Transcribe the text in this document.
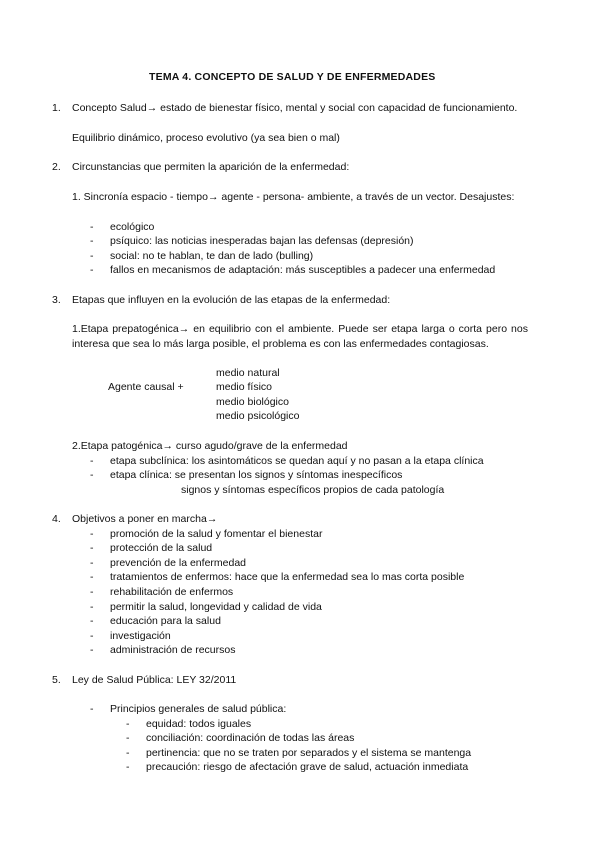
TEMA 4. CONCEPTO DE SALUD Y DE ENFERMEDADES
1. Concepto Salud→ estado de bienestar físico, mental y social con capacidad de funcionamiento.
Equilibrio dinámico, proceso evolutivo (ya sea bien o mal)
2. Circunstancias que permiten la aparición de la enfermedad:
1. Sincronía espacio - tiempo→ agente - persona- ambiente, a través de un vector. Desajustes:
- ecológico
- psíquico: las noticias inesperadas bajan las defensas (depresión)
- social: no te hablan, te dan de lado (bulling)
- fallos en mecanismos de adaptación: más susceptibles a padecer una enfermedad
3. Etapas que influyen en la evolución de las etapas de la enfermedad:
1.Etapa prepatogénica→ en equilibrio con el ambiente. Puede ser etapa larga o corta pero nos interesa que sea lo más larga posible, el problema es con las enfermedades contagiosas.
medio natural
Agente causal +	medio físico
medio biológico
medio psicológico
2.Etapa patogénica→ curso agudo/grave de la enfermedad
- etapa subclínica: los asintomáticos se quedan aquí y no pasan a la etapa clínica
- etapa clínica: se presentan los signos y síntomas inespecíficos
signos y síntomas específicos propios de cada patología
4. Objetivos a poner en marcha→
- promoción de la salud y fomentar el bienestar
- protección de la salud
- prevención de la enfermedad
- tratamientos de enfermos: hace que la enfermedad sea lo mas corta posible
- rehabilitación de enfermos
- permitir la salud, longevidad y calidad de vida
- educación para la salud
- investigación
- administración de recursos
5. Ley de Salud Pública: LEY 32/2011
- Principios generales de salud pública:
- equidad: todos iguales
- conciliación: coordinación de todas las áreas
- pertinencia: que no se traten por separados y el sistema se mantenga
- precaución: riesgo de afectación grave de salud, actuación inmediata
